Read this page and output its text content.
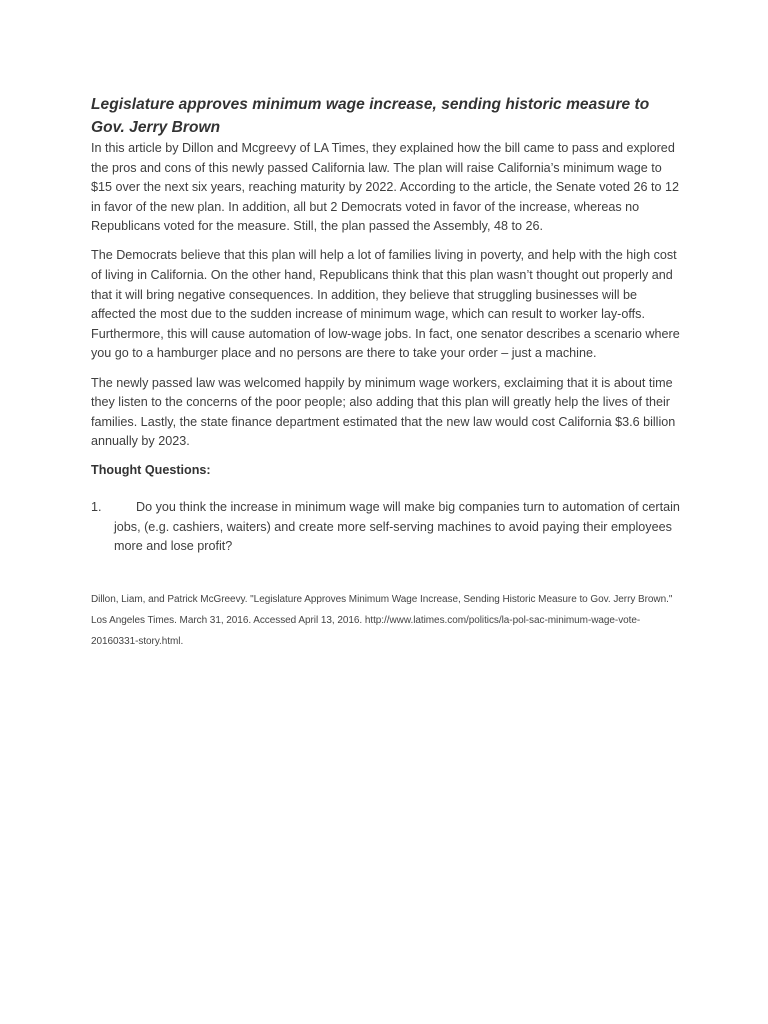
Legislature approves minimum wage increase, sending historic measure to Gov. Jerry Brown

In this article by Dillon and Mcgreevy of LA Times, they explained how the bill came to pass and explored the pros and cons of this newly passed California law. The plan will raise California’s minimum wage to $15 over the next six years, reaching maturity by 2022. According to the article, the Senate voted 26 to 12 in favor of the new plan. In addition, all but 2 Democrats voted in favor of the increase, whereas no Republicans voted for the measure. Still, the plan passed the Assembly, 48 to 26.

The Democrats believe that this plan will help a lot of families living in poverty, and help with the high cost of living in California. On the other hand, Republicans think that this plan wasn’t thought out properly and that it will bring negative consequences. In addition, they believe that struggling businesses will be affected the most due to the sudden increase of minimum wage, which can result to worker lay-offs. Furthermore, this will cause automation of low-wage jobs. In fact, one senator describes a scenario where you go to a hamburger place and no persons are there to take your order – just a machine.

The newly passed law was welcomed happily by minimum wage workers, exclaiming that it is about time they listen to the concerns of the poor people; also adding that this plan will greatly help the lives of their families. Lastly, the state finance department estimated that the new law would cost California $3.6 billion annually by 2023.

Thought Questions:
1.	Do you think the increase in minimum wage will make big companies turn to automation of certain jobs, (e.g. cashiers, waiters) and create more self-serving machines to avoid paying their employees more and lose profit?
Dillon, Liam, and Patrick McGreevy. "Legislature Approves Minimum Wage Increase, Sending Historic Measure to Gov. Jerry Brown." Los Angeles Times. March 31, 2016. Accessed April 13, 2016. http://www.latimes.com/politics/la-pol-sac-minimum-wage-vote-20160331-story.html.
